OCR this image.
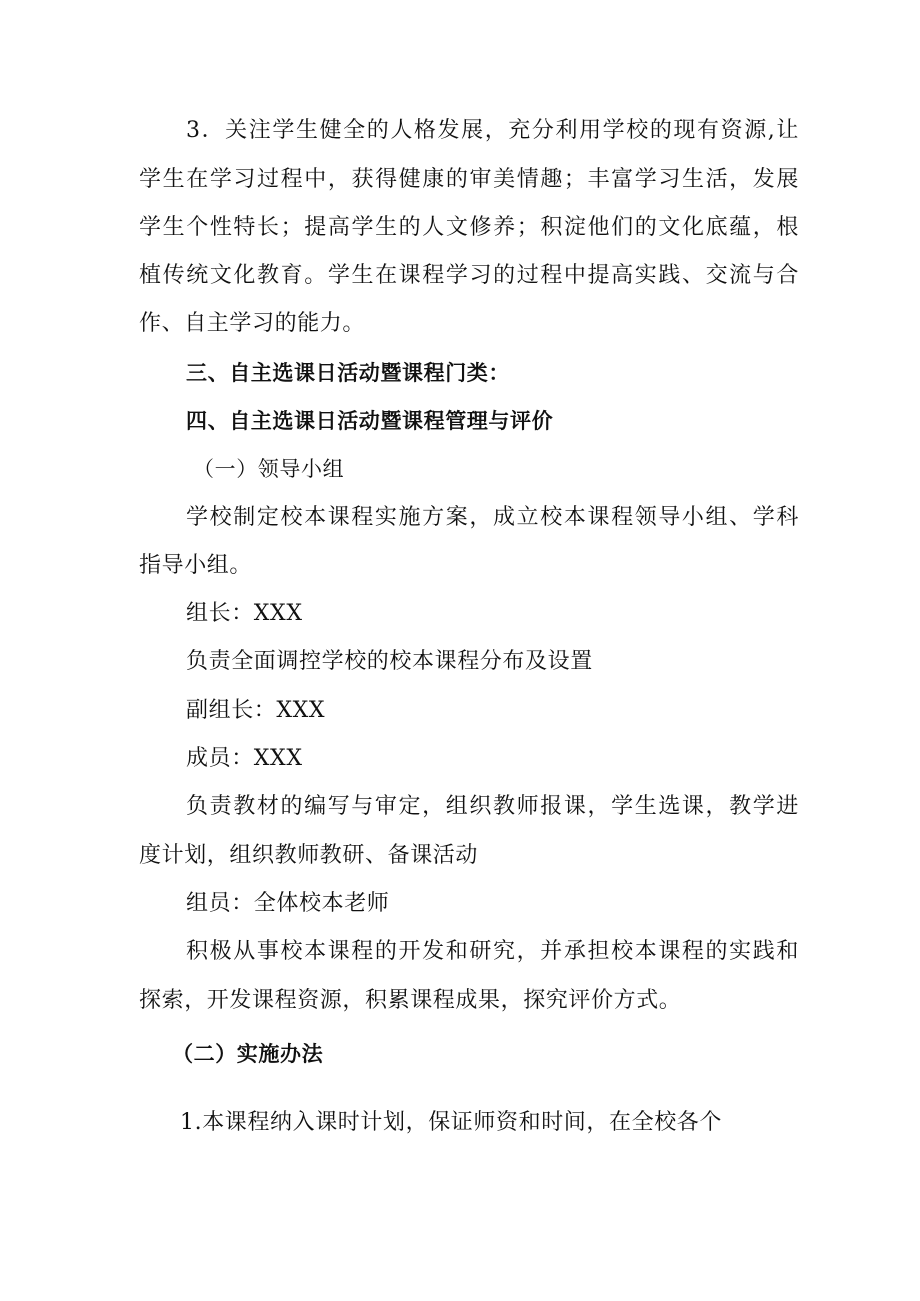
3．关注学生健全的人格发展，充分利用学校的现有资源,让
学生在学习过程中，获得健康的审美情趣；丰富学习生活，发展
学生个性特长；提高学生的人文修养；积淀他们的文化底蕴，根
植传统文化教育。学生在课程学习的过程中提高实践、交流与合
作、自主学习的能力。
三、自主选课日活动暨课程门类：
四、自主选课日活动暨课程管理与评价
（一）领导小组
学校制定校本课程实施方案，成立校本课程领导小组、学科
指导小组。
组长：XXX
负责全面调控学校的校本课程分布及设置
副组长：XXX
成员：XXX
负责教材的编写与审定，组织教师报课，学生选课，教学进
度计划，组织教师教研、备课活动
组员：全体校本老师
积极从事校本课程的开发和研究，并承担校本课程的实践和
探索，开发课程资源，积累课程成果，探究评价方式。
（二）实施办法
1.本课程纳入课时计划，保证师资和时间，在全校各个
